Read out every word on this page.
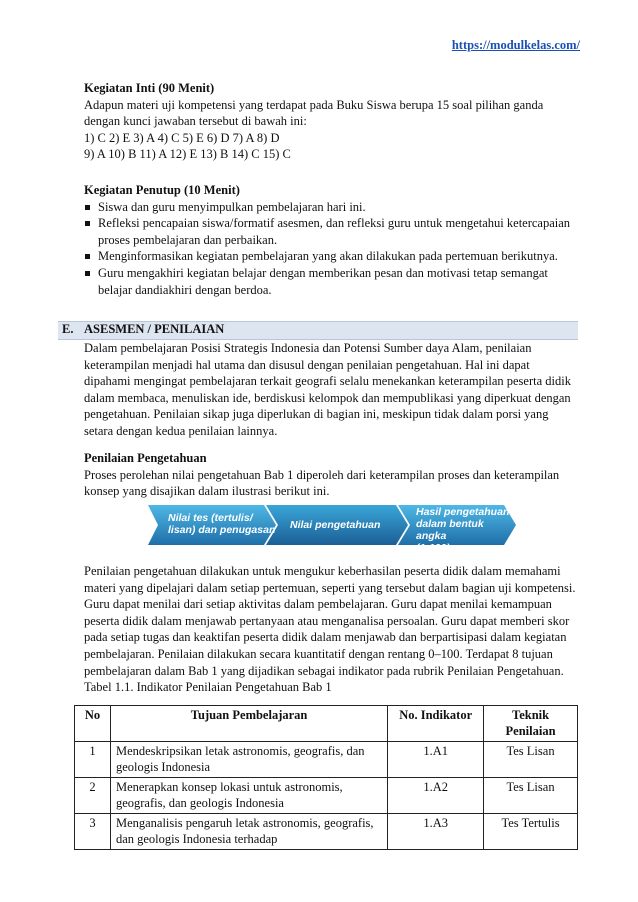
https://modulkelas.com/

Kegiatan Inti (90 Menit)

Adapun materi uji kompetensi yang terdapat pada Buku Siswa berupa 15 soal pilihan ganda dengan kunci jawaban tersebut di bawah ini:

1) C 2) E 3) A 4) C 5) E 6) D 7) A 8) D

9) A 10) B 11) A 12) E 13) B 14) C 15) C

Kegiatan Penutup (10 Menit)

Siswa dan guru menyimpulkan pembelajaran hari ini.
Refleksi pencapaian siswa/formatif asesmen, dan refleksi guru untuk mengetahui ketercapaian proses pembelajaran dan perbaikan.
Menginformasikan kegiatan pembelajaran yang akan dilakukan pada pertemuan berikutnya.
Guru mengakhiri kegiatan belajar dengan memberikan pesan dan motivasi tetap semangat belajar dandiakhiri dengan berdoa.
E. ASESMEN / PENILAIAN

Dalam pembelajaran Posisi Strategis Indonesia dan Potensi Sumber daya Alam, penilaian keterampilan menjadi hal utama dan disusul dengan penilaian pengetahuan. Hal ini dapat dipahami mengingat pembelajaran terkait geografi selalu menekankan keterampilan peserta didik dalam membaca, menuliskan ide, berdiskusi kelompok dan mempublikasi yang diperkuat dengan pengetahuan. Penilaian sikap juga diperlukan di bagian ini, meskipun tidak dalam porsi yang setara dengan kedua penilaian lainnya.

Penilaian Pengetahuan

Proses perolehan nilai pengetahuan Bab 1 diperoleh dari keterampilan proses dan keterampilan konsep yang disajikan dalam ilustrasi berikut ini.

Nilai tes (tertulis/
lisan) dan penugasan Nilai pengetahuan
Hasil pengetahuan
dalam bentuk angka
(1-100)

Penilaian pengetahuan dilakukan untuk mengukur keberhasilan peserta didik dalam memahami materi yang dipelajari dalam setiap pertemuan, seperti yang tersebut dalam bagian uji kompetensi. Guru dapat menilai dari setiap aktivitas dalam pembelajaran. Guru dapat menilai kemampuan peserta didik dalam menjawab pertanyaan atau menganalisa persoalan. Guru dapat memberi skor pada setiap tugas dan keaktifan peserta didik dalam menjawab dan berpartisipasi dalam kegiatan pembelajaran. Penilaian dilakukan secara kuantitatif dengan rentang 0–100. Terdapat 8 tujuan pembelajaran dalam Bab 1 yang dijadikan sebagai indikator pada rubrik Penilaian Pengetahuan.

Tabel 1.1. Indikator Penilaian Pengetahuan Bab 1

No	Tujuan Pembelajaran	No. Indikator	Teknik Penilaian
1	Mendeskripsikan letak astronomis, geografis, dan geologis Indonesia	1.A1	Tes Lisan
2	Menerapkan konsep lokasi untuk astronomis, geografis, dan geologis Indonesia	1.A2	Tes Lisan
3	Menganalisis pengaruh letak astronomis, geografis, dan geologis Indonesia terhadap	1.A3	Tes Tertulis
